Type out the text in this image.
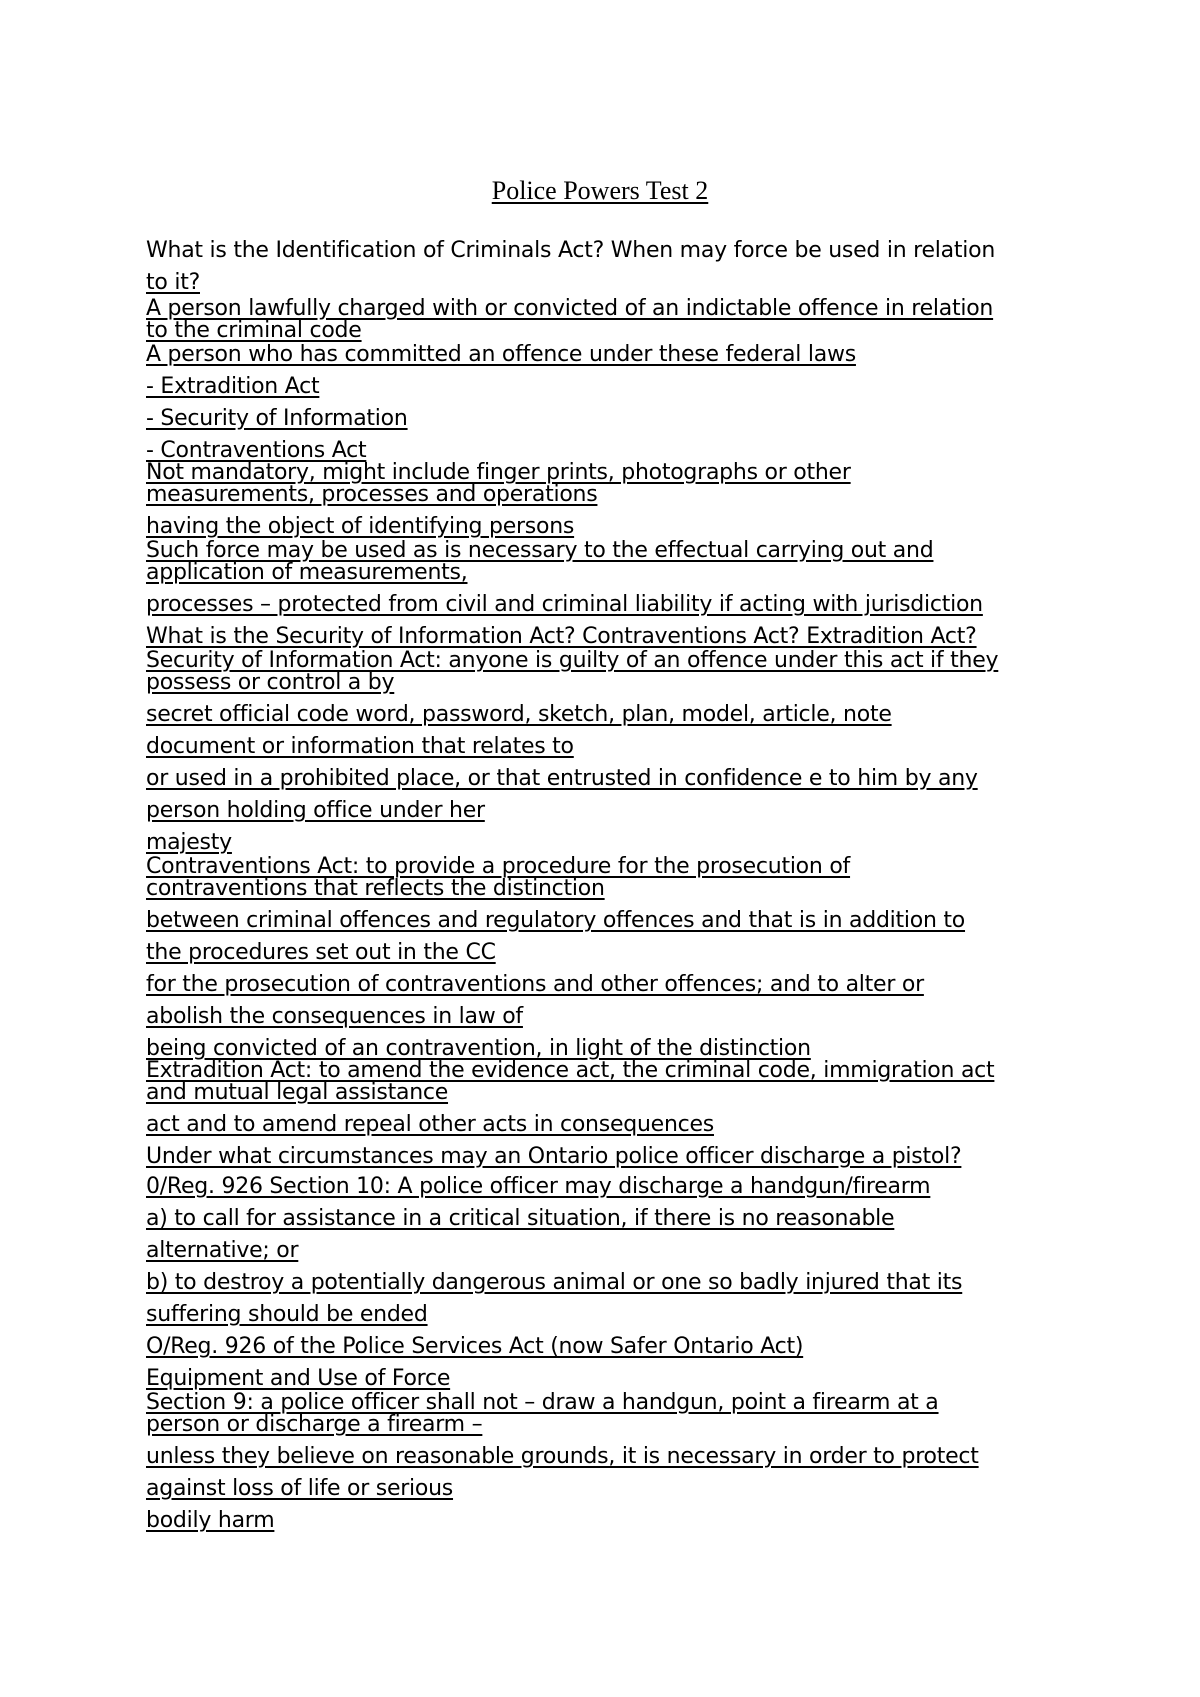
Police Powers Test 2

What is the Identification of Criminals Act? When may force be used in relation

to it?

A person lawfully charged with or convicted of an indictable offence in relation

to the criminal code

A person who has committed an offence under these federal laws

- Extradition Act

- Security of Information

- Contraventions Act

Not mandatory, might include finger prints, photographs or other

measurements, processes and operations

having the object of identifying persons

Such force may be used as is necessary to the effectual carrying out and

application of measurements,

processes – protected from civil and criminal liability if acting with jurisdiction

What is the Security of Information Act? Contraventions Act? Extradition Act?

Security of Information Act: anyone is guilty of an offence under this act if they

possess or control a by

secret official code word, password, sketch, plan, model, article, note

document or information that relates to

or used in a prohibited place, or that entrusted in confidence e to him by any

person holding office under her

majesty

Contraventions Act: to provide a procedure for the prosecution of

contraventions that reflects the distinction

between criminal offences and regulatory offences and that is in addition to

the procedures set out in the CC

for the prosecution of contraventions and other offences; and to alter or

abolish the consequences in law of

being convicted of an contravention, in light of the distinction

Extradition Act: to amend the evidence act, the criminal code, immigration act

and mutual legal assistance

act and to amend repeal other acts in consequences

Under what circumstances may an Ontario police officer discharge a pistol?

0/Reg. 926 Section 10: A police officer may discharge a handgun/firearm

a) to call for assistance in a critical situation, if there is no reasonable

alternative; or

b) to destroy a potentially dangerous animal or one so badly injured that its

suffering should be ended

O/Reg. 926 of the Police Services Act (now Safer Ontario Act)

Equipment and Use of Force

Section 9: a police officer shall not – draw a handgun, point a firearm at a

person or discharge a firearm –

unless they believe on reasonable grounds, it is necessary in order to protect

against loss of life or serious

bodily harm
